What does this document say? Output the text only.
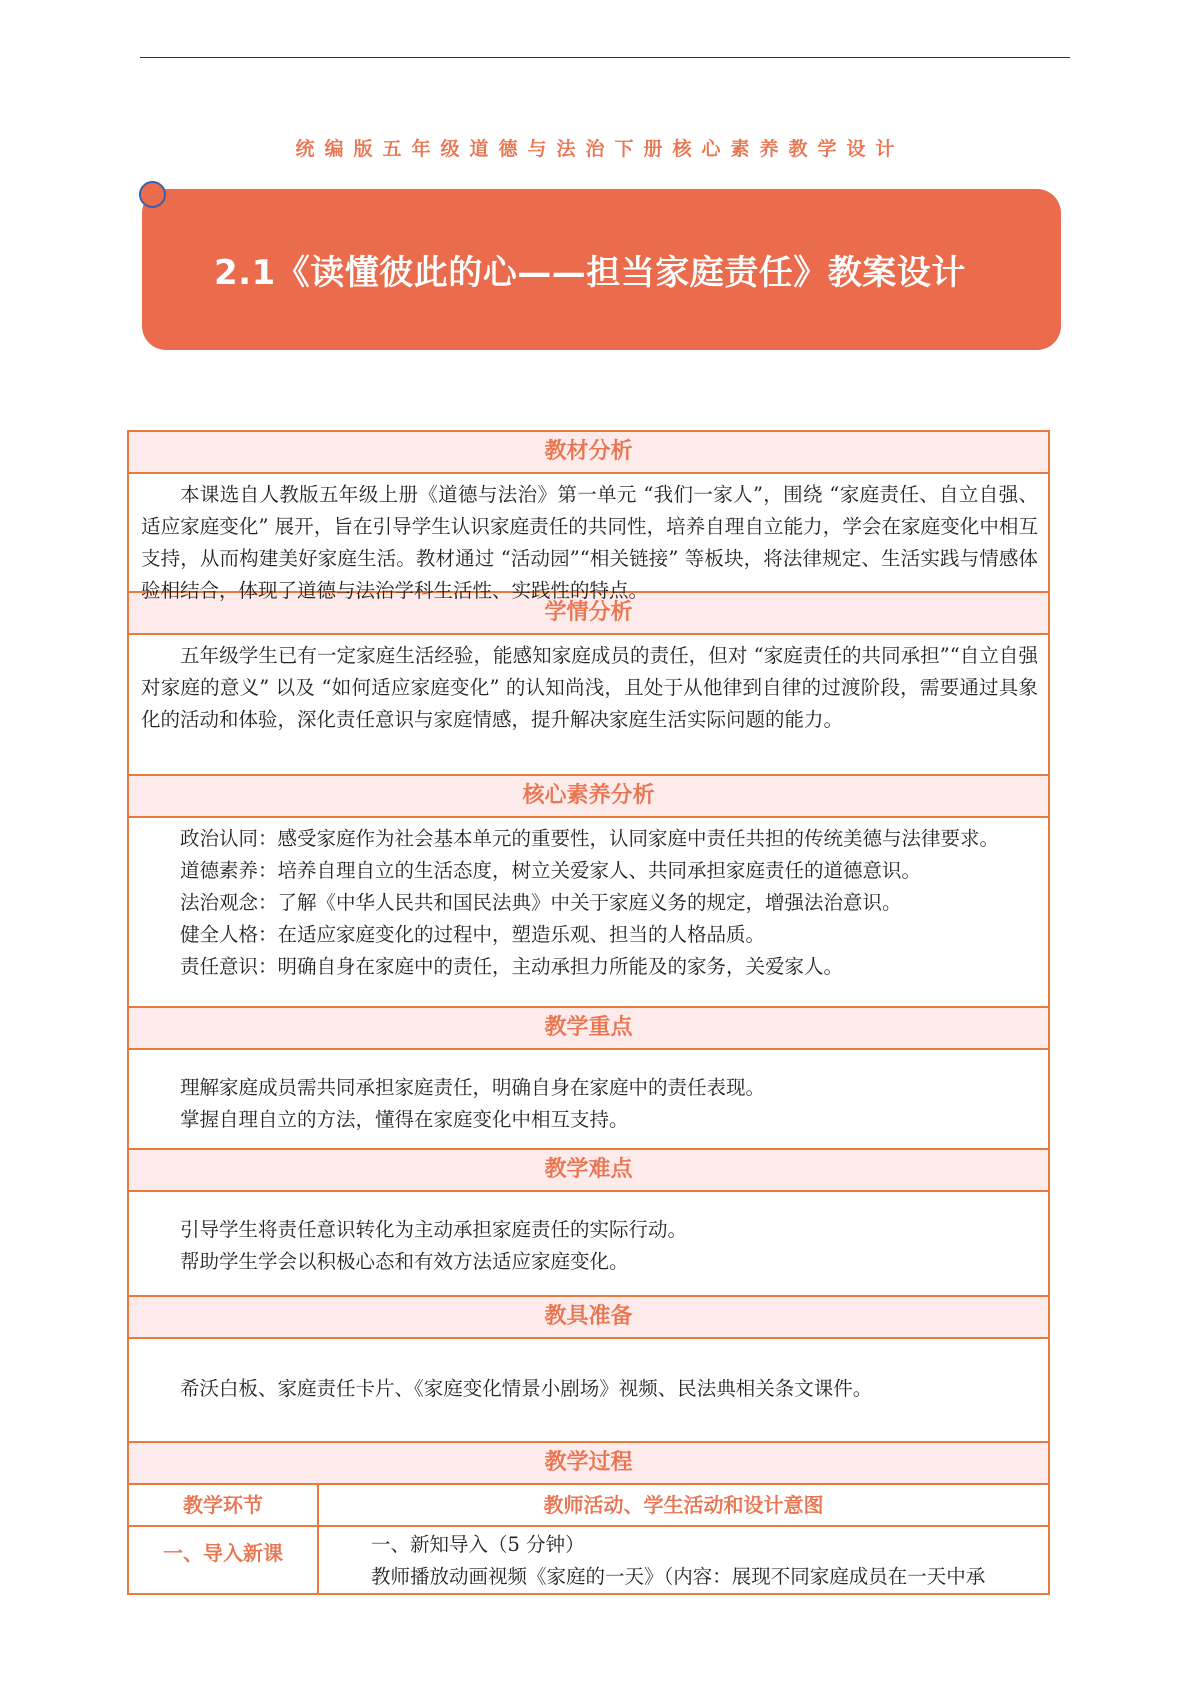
统编版五年级道德与法治下册核心素养教学设计
2.1《读懂彼此的心——担当家庭责任》教案设计
教材分析

本课选自人教版五年级上册《道德与法治》第一单元 “我们一家人”，围绕 “家庭责任、自立自强、适应家庭变化” 展开，旨在引导学生认识家庭责任的共同性，培养自理自立能力，学会在家庭变化中相互支持，从而构建美好家庭生活。教材通过 “活动园”“相关链接” 等板块，将法律规定、生活实践与情感体验相结合，体现了道德与法治学科生活性、实践性的特点。

学情分析

五年级学生已有一定家庭生活经验，能感知家庭成员的责任，但对 “家庭责任的共同承担”“自立自强对家庭的意义” 以及 “如何适应家庭变化” 的认知尚浅，且处于从他律到自律的过渡阶段，需要通过具象化的活动和体验，深化责任意识与家庭情感，提升解决家庭生活实际问题的能力。

核心素养分析

政治认同：感受家庭作为社会基本单元的重要性，认同家庭中责任共担的传统美德与法律要求。

道德素养：培养自理自立的生活态度，树立关爱家人、共同承担家庭责任的道德意识。

法治观念：了解《中华人民共和国民法典》中关于家庭义务的规定，增强法治意识。

健全人格：在适应家庭变化的过程中，塑造乐观、担当的人格品质。

责任意识：明确自身在家庭中的责任，主动承担力所能及的家务，关爱家人。

教学重点

理解家庭成员需共同承担家庭责任，明确自身在家庭中的责任表现。

掌握自理自立的方法，懂得在家庭变化中相互支持。

教学难点

引导学生将责任意识转化为主动承担家庭责任的实际行动。

帮助学生学会以积极心态和有效方法适应家庭变化。

教具准备

希沃白板、家庭责任卡片、《家庭变化情景小剧场》视频、民法典相关条文课件。

教学过程
教学环节	教师活动、学生活动和设计意图
一、导入新课	一、新知导入（5 分钟）

教师播放动画视频《家庭的一天》（内容：展现不同家庭成员在一天中承
